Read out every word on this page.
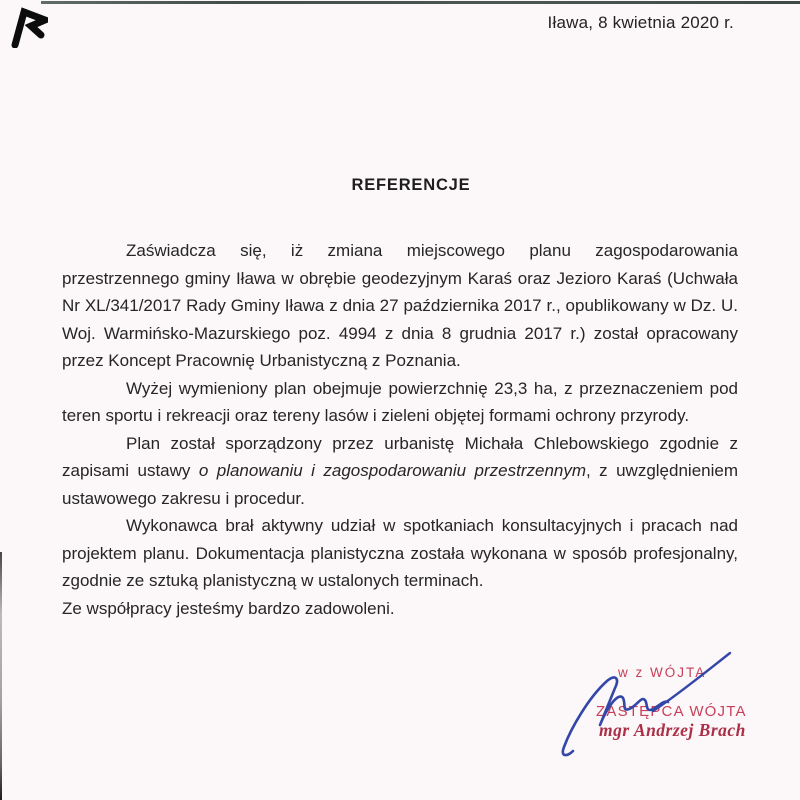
Iława, 8 kwietnia 2020 r.
REFERENCJE

Zaświadcza się, iż zmiana miejscowego planu zagospodarowania przestrzennego gminy Iława w obrębie geodezyjnym Karaś oraz Jezioro Karaś (Uchwała Nr XL/341/2017 Rady Gminy Iława z dnia 27 października 2017 r., opublikowany w Dz. U. Woj. Warmińsko-Mazurskiego poz. 4994 z dnia 8 grudnia 2017 r.) został opracowany przez Koncept Pracownię Urbanistyczną z Poznania.

Wyżej wymieniony plan obejmuje powierzchnię 23,3 ha, z przeznaczeniem pod teren sportu i rekreacji oraz tereny lasów i zieleni objętej formami ochrony przyrody.

Plan został sporządzony przez urbanistę Michała Chlebowskiego zgodnie z zapisami ustawy o planowaniu i zagospodarowaniu przestrzennym, z uwzględnieniem ustawowego zakresu i procedur.

Wykonawca brał aktywny udział w spotkaniach konsultacyjnych i pracach nad projektem planu. Dokumentacja planistyczna została wykonana w sposób profesjonalny, zgodnie ze sztuką planistyczną w ustalonych terminach.

Ze współpracy jesteśmy bardzo zadowoleni.

w z WÓJTA
ZASTĘPCA WÓJTA
mgr Andrzej Brach
